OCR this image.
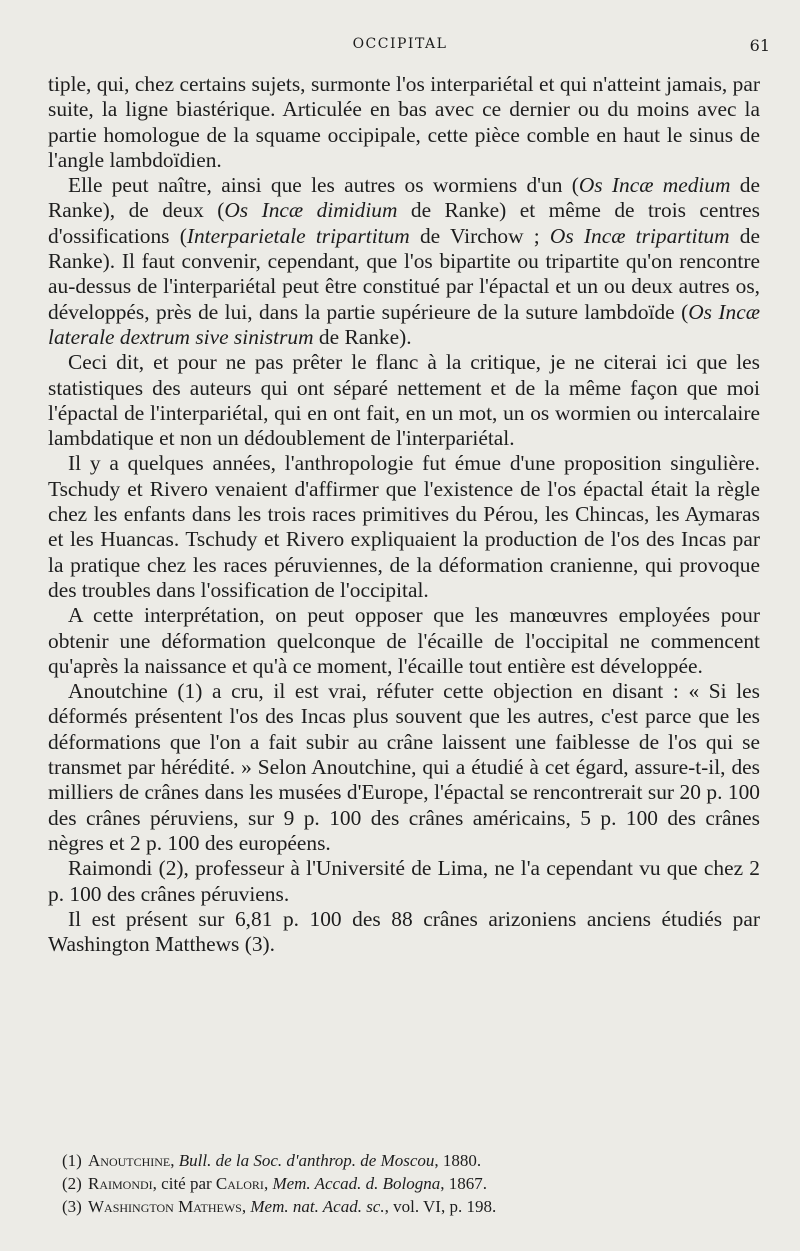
OCCIPITAL	61

tiple, qui, chez certains sujets, surmonte l'os interpariétal et qui n'atteint jamais, par suite, la ligne biastérique. Articulée en bas avec ce dernier ou du moins avec la partie homologue de la squame occipipale, cette pièce comble en haut le sinus de l'angle lambdoïdien.

Elle peut naître, ainsi que les autres os wormiens d'un (Os Incæ medium de Ranke), de deux (Os Incæ dimidium de Ranke) et même de trois centres d'ossifications (Interparietale tripartitum de Virchow ; Os Incæ tripartitum de Ranke). Il faut convenir, cependant, que l'os bipartite ou tripartite qu'on rencontre au-dessus de l'interpariétal peut être constitué par l'épactal et un ou deux autres os, développés, près de lui, dans la partie supérieure de la suture lambdoïde (Os Incæ laterale dextrum sive sinistrum de Ranke).

Ceci dit, et pour ne pas prêter le flanc à la critique, je ne citerai ici que les statistiques des auteurs qui ont séparé nettement et de la même façon que moi l'épactal de l'interpariétal, qui en ont fait, en un mot, un os wormien ou intercalaire lambdatique et non un dédoublement de l'interpariétal.

Il y a quelques années, l'anthropologie fut émue d'une proposition singulière. Tschudy et Rivero venaient d'affirmer que l'existence de l'os épactal était la règle chez les enfants dans les trois races primitives du Pérou, les Chincas, les Aymaras et les Huancas. Tschudy et Rivero expliquaient la production de l'os des Incas par la pratique chez les races péruviennes, de la déformation cranienne, qui provoque des troubles dans l'ossification de l'occipital.

A cette interprétation, on peut opposer que les manœuvres employées pour obtenir une déformation quelconque de l'écaille de l'occipital ne commencent qu'après la naissance et qu'à ce moment, l'écaille tout entière est développée.

Anoutchine (1) a cru, il est vrai, réfuter cette objection en disant : « Si les déformés présentent l'os des Incas plus souvent que les autres, c'est parce que les déformations que l'on a fait subir au crâne laissent une faiblesse de l'os qui se transmet par hérédité. » Selon Anoutchine, qui a étudié à cet égard, assure-t-il, des milliers de crânes dans les musées d'Europe, l'épactal se rencontrerait sur 20 p. 100 des crânes péruviens, sur 9 p. 100 des crânes américains, 5 p. 100 des crânes nègres et 2 p. 100 des européens.

Raimondi (2), professeur à l'Université de Lima, ne l'a cependant vu que chez 2 p. 100 des crânes péruviens.

Il est présent sur 6,81 p. 100 des 88 crânes arizoniens anciens étudiés par Washington Matthews (3).

(1) Anoutchine, Bull. de la Soc. d'anthrop. de Moscou, 1880.

(2) Raimondi, cité par Calori, Mem. Accad. d. Bologna, 1867.

(3) Washington Mathews, Mem. nat. Acad. sc., vol. VI, p. 198.
